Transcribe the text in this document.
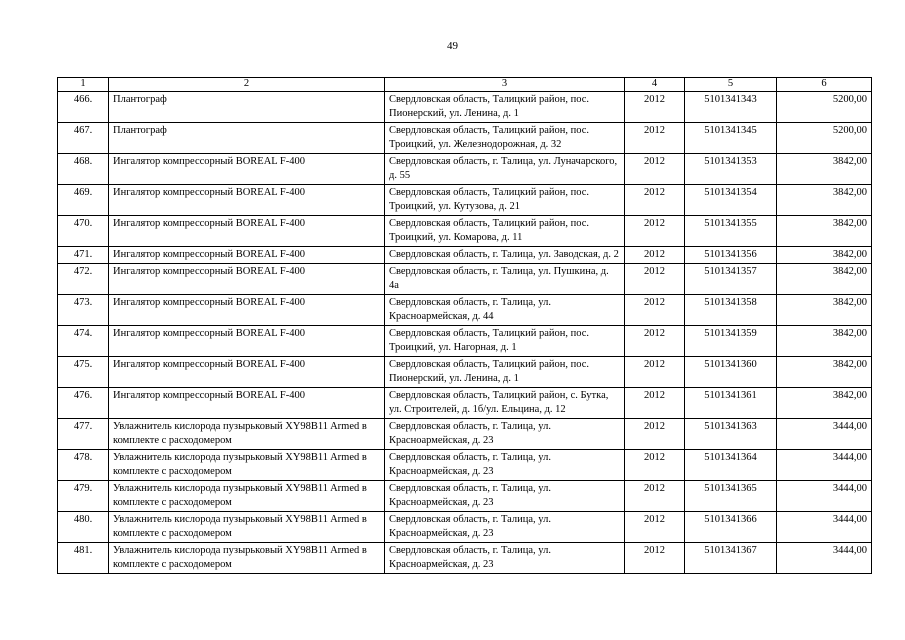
49
1	2	3	4	5	6
466.	Плантограф	Свердловская область, Талицкий район, пос. Пионерский, ул. Ленина, д. 1	2012	5101341343	5200,00
467.	Плантограф	Свердловская область, Талицкий район, пос. Троицкий, ул. Железнодорожная, д. 32	2012	5101341345	5200,00
468.	Ингалятор компрессорный BOREAL F-400	Свердловская область, г. Талица, ул. Луначарского, д. 55	2012	5101341353	3842,00
469.	Ингалятор компрессорный BOREAL F-400	Свердловская область, Талицкий район, пос. Троицкий, ул. Кутузова, д. 21	2012	5101341354	3842,00
470.	Ингалятор компрессорный BOREAL F-400	Свердловская область, Талицкий район, пос. Троицкий, ул. Комарова, д. 11	2012	5101341355	3842,00
471.	Ингалятор компрессорный BOREAL F-400	Свердловская область, г. Талица, ул. Заводская, д. 2	2012	5101341356	3842,00
472.	Ингалятор компрессорный BOREAL F-400	Свердловская область, г. Талица, ул. Пушкина, д. 4а	2012	5101341357	3842,00
473.	Ингалятор компрессорный BOREAL F-400	Свердловская область, г. Талица, ул. Красноармейская, д. 44	2012	5101341358	3842,00
474.	Ингалятор компрессорный BOREAL F-400	Свердловская область, Талицкий район, пос. Троицкий, ул. Нагорная, д. 1	2012	5101341359	3842,00
475.	Ингалятор компрессорный BOREAL F-400	Свердловская область, Талицкий район, пос. Пионерский, ул. Ленина, д. 1	2012	5101341360	3842,00
476.	Ингалятор компрессорный BOREAL F-400	Свердловская область, Талицкий район, с. Бутка, ул. Строителей, д. 1б/ул. Ельцина, д. 12	2012	5101341361	3842,00
477.	Увлажнитель кислорода пузырьковый XY98B11 Armed в комплекте с расходомером	Свердловская область, г. Талица, ул. Красноармейская, д. 23	2012	5101341363	3444,00
478.	Увлажнитель кислорода пузырьковый XY98B11 Armed в комплекте с расходомером	Свердловская область, г. Талица, ул. Красноармейская, д. 23	2012	5101341364	3444,00
479.	Увлажнитель кислорода пузырьковый XY98B11 Armed в комплекте с расходомером	Свердловская область, г. Талица, ул. Красноармейская, д. 23	2012	5101341365	3444,00
480.	Увлажнитель кислорода пузырьковый XY98B11 Armed в комплекте с расходомером	Свердловская область, г. Талица, ул. Красноармейская, д. 23	2012	5101341366	3444,00
481.	Увлажнитель кислорода пузырьковый XY98B11 Armed в комплекте с расходомером	Свердловская область, г. Талица, ул. Красноармейская, д. 23	2012	5101341367	3444,00
